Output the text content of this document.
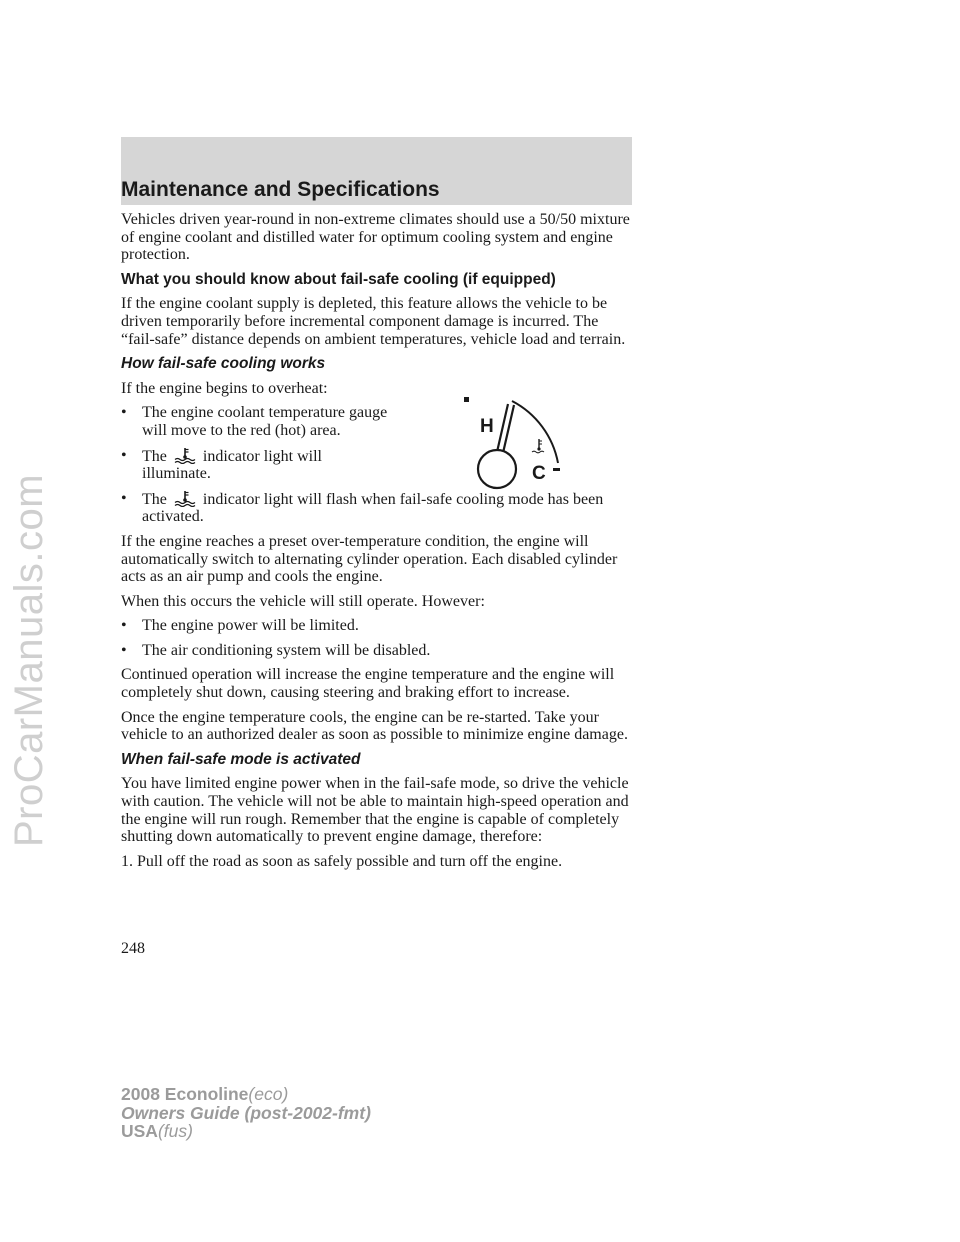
ProCarManuals.com
Maintenance and Specifications

Vehicles driven year-round in non-extreme climates should use a 50/50 mixture of engine coolant and distilled water for optimum cooling system and engine protection.

What you should know about fail-safe cooling (if equipped)

If the engine coolant supply is depleted, this feature allows the vehicle to be driven temporarily before incremental component damage is incurred. The “fail-safe” distance depends on ambient temperatures, vehicle load and terrain.

How fail-safe cooling works

If the engine begins to overheat:

• The engine coolant temperature gauge will move to the red (hot) area.
• The indicator light will illuminate.
• The indicator light will flash when fail-safe cooling mode has been activated.

If the engine reaches a preset over-temperature condition, the engine will automatically switch to alternating cylinder operation. Each disabled cylinder acts as an air pump and cools the engine.

When this occurs the vehicle will still operate. However:

• The engine power will be limited.
• The air conditioning system will be disabled.

Continued operation will increase the engine temperature and the engine will completely shut down, causing steering and braking effort to increase.

Once the engine temperature cools, the engine can be re-started. Take your vehicle to an authorized dealer as soon as possible to minimize engine damage.

When fail-safe mode is activated

You have limited engine power when in the fail-safe mode, so drive the vehicle with caution. The vehicle will not be able to maintain high-speed operation and the engine will run rough. Remember that the engine is capable of completely shutting down automatically to prevent engine damage, therefore:

1. Pull off the road as soon as safely possible and turn off the engine.

H
C
248
2008 Econoline(eco)
Owners Guide (post-2002-fmt)
USA(fus)
